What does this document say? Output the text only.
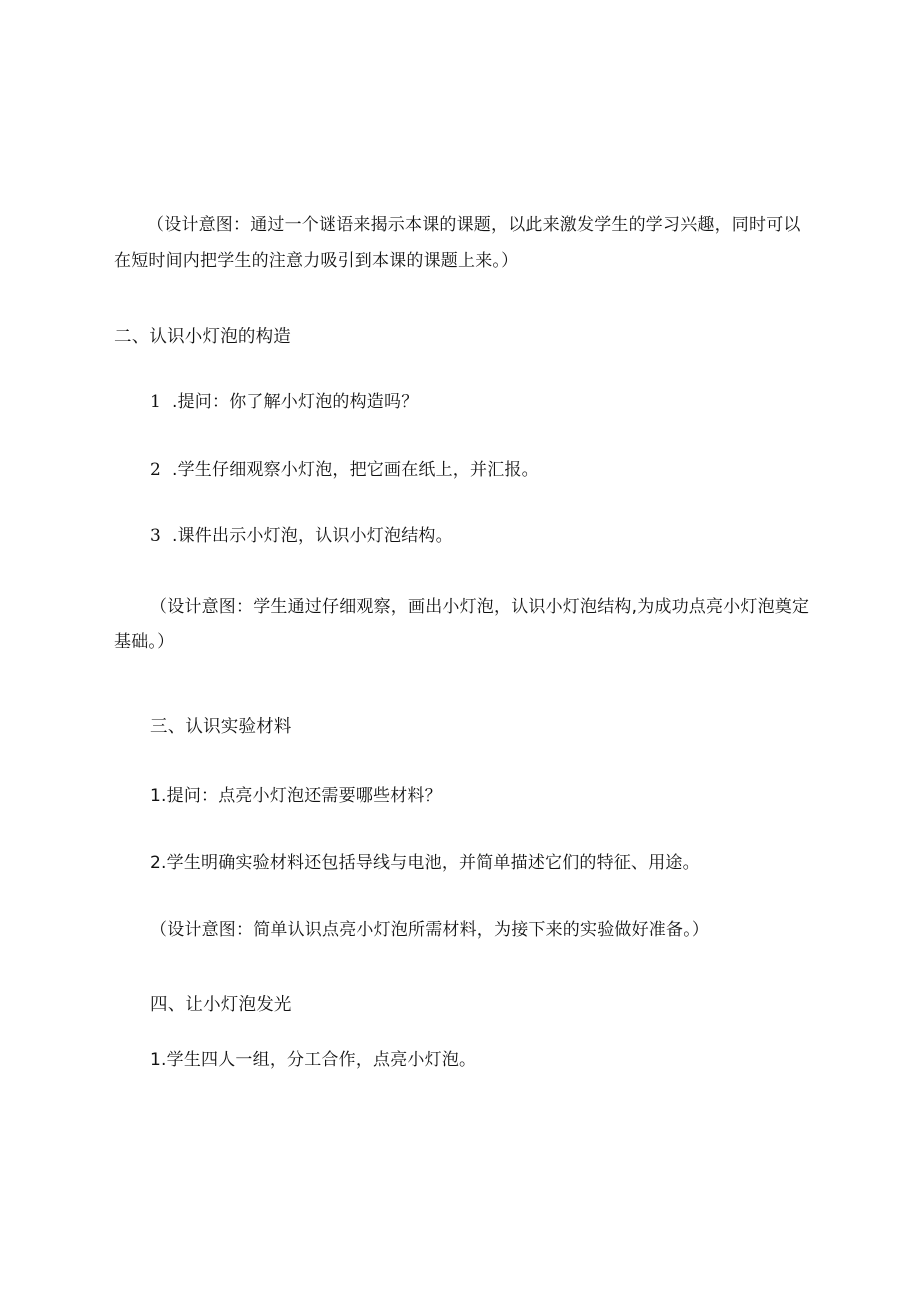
（设计意图：通过一个谜语来揭示本课的课题，以此来激发学生的学习兴趣，同时可以
在短时间内把学生的注意力吸引到本课的课题上来。）
二、认识小灯泡的构造
1 .提问：你了解小灯泡的构造吗？
2 .学生仔细观察小灯泡，把它画在纸上，并汇报。
3 .课件出示小灯泡，认识小灯泡结构。
（设计意图：学生通过仔细观察，画出小灯泡，认识小灯泡结构,为成功点亮小灯泡奠定
基础。）
三、认识实验材料
1.提问：点亮小灯泡还需要哪些材料？
2.学生明确实验材料还包括导线与电池，并简单描述它们的特征、用途。
（设计意图：简单认识点亮小灯泡所需材料，为接下来的实验做好准备。）
四、让小灯泡发光
1.学生四人一组，分工合作，点亮小灯泡。
